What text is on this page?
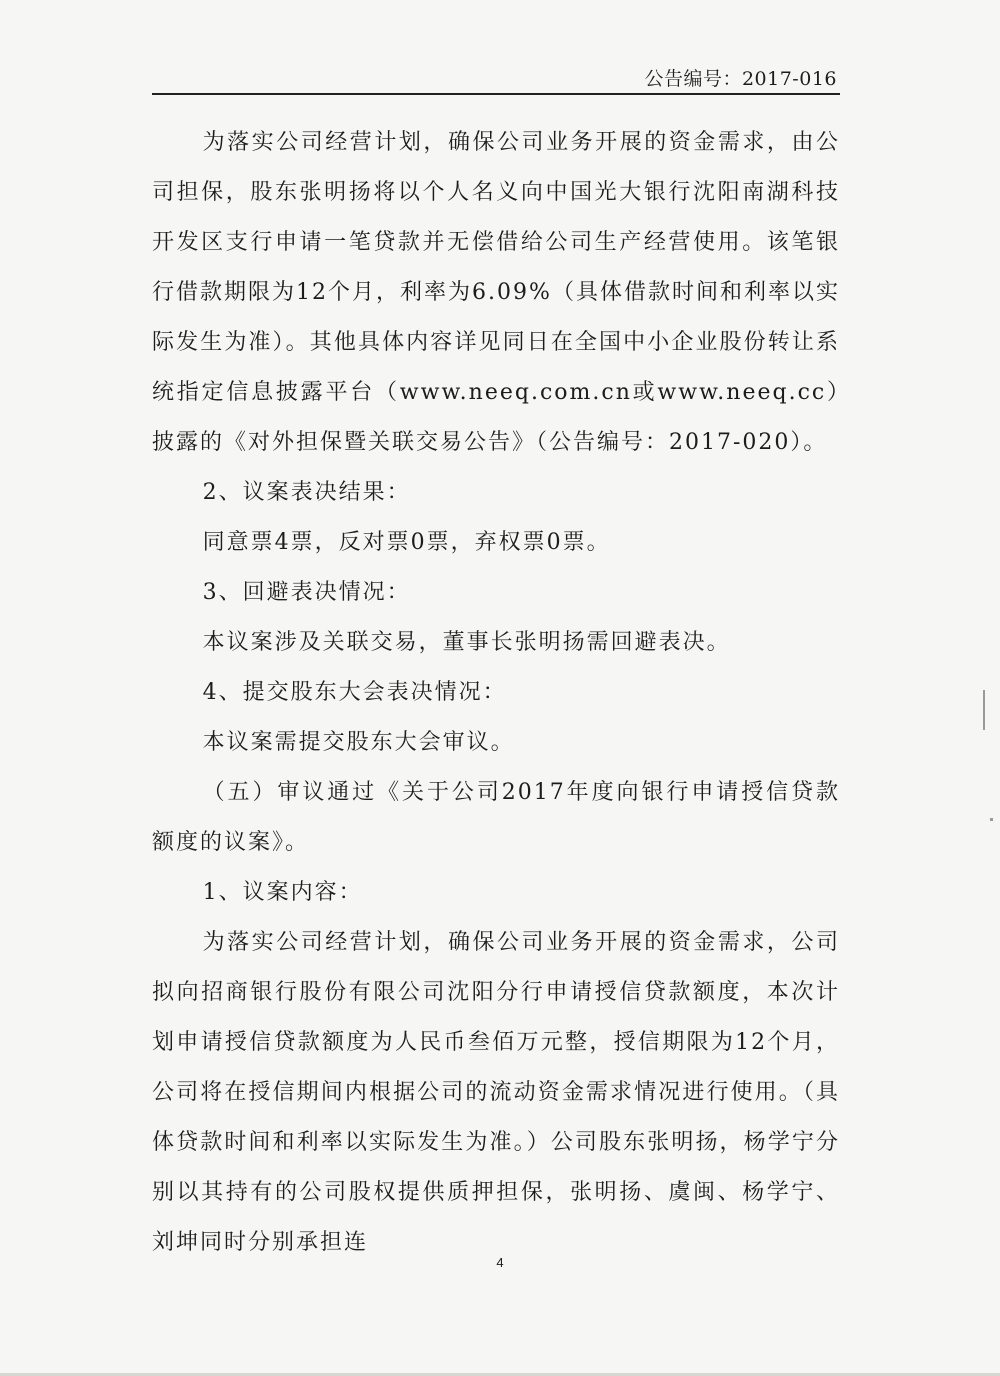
公告编号：2017-016

为落实公司经营计划，确保公司业务开展的资金需求，由公司担保，股东张明扬将以个人名义向中国光大银行沈阳南湖科技开发区支行申请一笔贷款并无偿借给公司生产经营使用。该笔银行借款期限为12个月，利率为6.09%（具体借款时间和利率以实际发生为准）。其他具体内容详见同日在全国中小企业股份转让系统指定信息披露平台（www.neeq.com.cn或www.neeq.cc）披露的《对外担保暨关联交易公告》（公告编号：2017-020）。

2、议案表决结果：

同意票4票，反对票0票，弃权票0票。

3、回避表决情况：

本议案涉及关联交易，董事长张明扬需回避表决。

4、提交股东大会表决情况：

本议案需提交股东大会审议。

（五）审议通过《关于公司2017年度向银行申请授信贷款额度的议案》。

1、议案内容：

为落实公司经营计划，确保公司业务开展的资金需求，公司拟向招商银行股份有限公司沈阳分行申请授信贷款额度，本次计划申请授信贷款额度为人民币叁佰万元整，授信期限为12个月，公司将在授信期间内根据公司的流动资金需求情况进行使用。（具体贷款时间和利率以实际发生为准。）公司股东张明扬，杨学宁分别以其持有的公司股权提供质押担保，张明扬、虞闽、杨学宁、刘坤同时分别承担连

4
